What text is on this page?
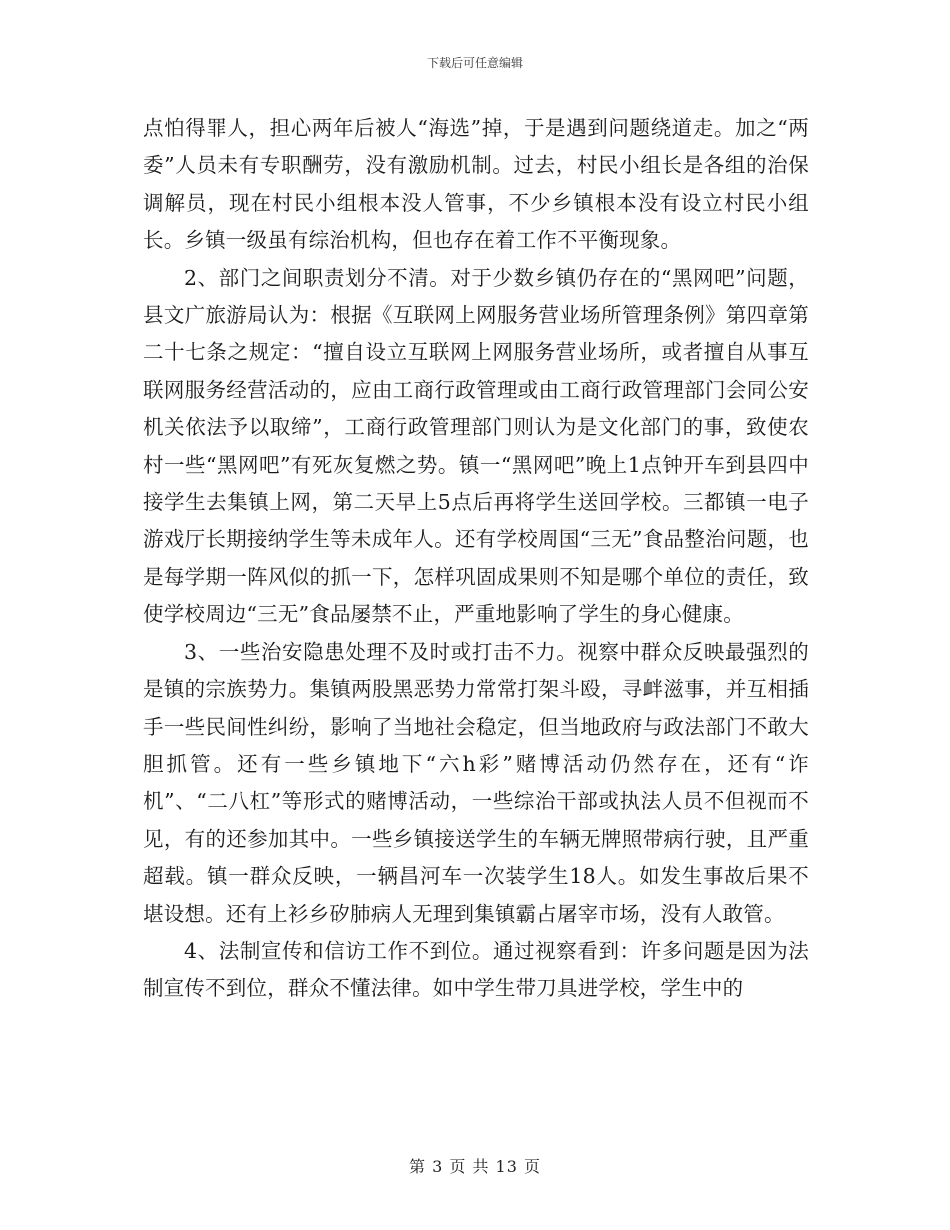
下载后可任意编辑

点怕得罪人，担心两年后被人“海选”掉，于是遇到问题绕道走。加之“两委”人员未有专职酬劳，没有激励机制。过去，村民小组长是各组的治保调解员，现在村民小组根本没人管事，不少乡镇根本没有设立村民小组长。乡镇一级虽有综治机构，但也存在着工作不平衡现象。

2、部门之间职责划分不清。对于少数乡镇仍存在的“黑网吧”问题，县文广旅游局认为：根据《互联网上网服务营业场所管理条例》第四章第二十七条之规定：“擅自设立互联网上网服务营业场所，或者擅自从事互联网服务经营活动的，应由工商行政管理或由工商行政管理部门会同公安机关依法予以取缔”，工商行政管理部门则认为是文化部门的事，致使农村一些“黑网吧”有死灰复燃之势。镇一“黑网吧”晚上1点钟开车到县四中接学生去集镇上网，第二天早上5点后再将学生送回学校。三都镇一电子游戏厅长期接纳学生等未成年人。还有学校周国“三无”食品整治问题，也是每学期一阵风似的抓一下，怎样巩固成果则不知是哪个单位的责任，致使学校周边“三无”食品屡禁不止，严重地影响了学生的身心健康。

3、一些治安隐患处理不及时或打击不力。视察中群众反映最强烈的是镇的宗族势力。集镇两股黑恶势力常常打架斗殴，寻衅滋事，并互相插手一些民间性纠纷，影响了当地社会稳定，但当地政府与政法部门不敢大胆抓管。还有一些乡镇地下“六h彩”赌博活动仍然存在，还有“诈机”、“二八杠”等形式的赌博活动，一些综治干部或执法人员不但视而不见，有的还参加其中。一些乡镇接送学生的车辆无牌照带病行驶，且严重超载。镇一群众反映，一辆昌河车一次装学生18人。如发生事故后果不堪设想。还有上衫乡矽肺病人无理到集镇霸占屠宰市场，没有人敢管。

4、法制宣传和信访工作不到位。通过视察看到：许多问题是因为法制宣传不到位，群众不懂法律。如中学生带刀具进学校，学生中的

第 3 页 共 13 页
